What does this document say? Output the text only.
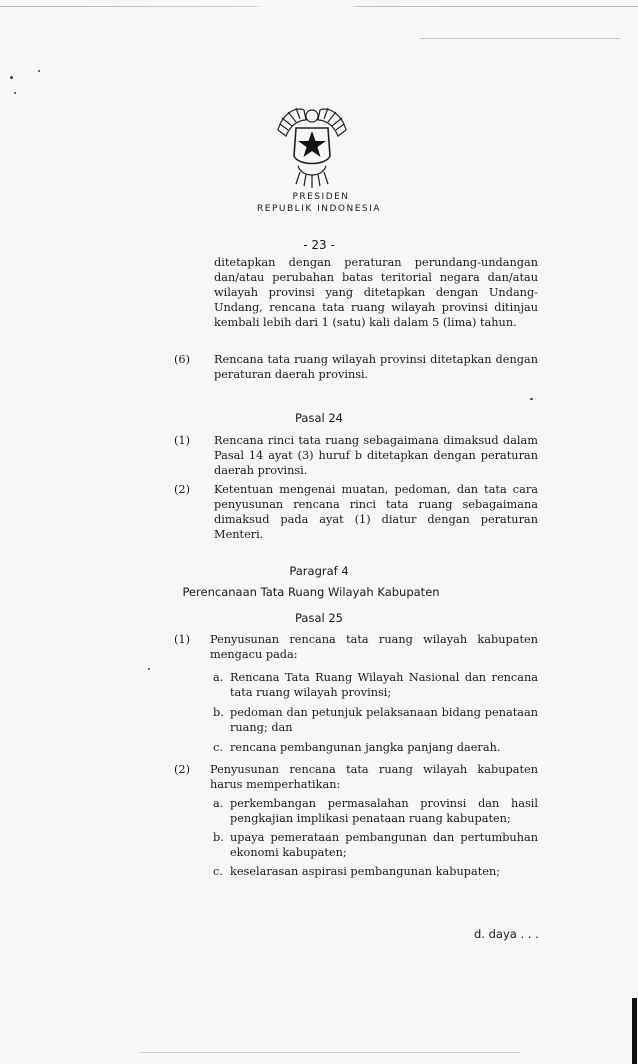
PRESIDEN
REPUBLIK INDONESIA
- 23 -
ditetapkan dengan peraturan perundang-undangan dan/atau perubahan batas teritorial negara dan/atau wilayah provinsi yang ditetapkan dengan Undang-Undang, rencana tata ruang wilayah provinsi ditinjau kembali lebih dari 1 (satu) kali dalam 5 (lima) tahun.
(6) Rencana tata ruang wilayah provinsi ditetapkan dengan peraturan daerah provinsi.
Pasal 24
(1) Rencana rinci tata ruang sebagaimana dimaksud dalam Pasal 14 ayat (3) huruf b ditetapkan dengan peraturan daerah provinsi.
(2) Ketentuan mengenai muatan, pedoman, dan tata cara penyusunan rencana rinci tata ruang sebagaimana dimaksud pada ayat (1) diatur dengan peraturan Menteri.
Paragraf 4
Perencanaan Tata Ruang Wilayah Kabupaten
Pasal 25
(1) Penyusunan rencana tata ruang wilayah kabupaten mengacu pada:
a. Rencana Tata Ruang Wilayah Nasional dan rencana tata ruang wilayah provinsi;
b. pedoman dan petunjuk pelaksanaan bidang penataan ruang; dan
c. rencana pembangunan jangka panjang daerah.
(2) Penyusunan rencana tata ruang wilayah kabupaten harus memperhatikan:
a. perkembangan permasalahan provinsi dan hasil pengkajian implikasi penataan ruang kabupaten;
b. upaya pemerataan pembangunan dan pertumbuhan ekonomi kabupaten;
c. keselarasan aspirasi pembangunan kabupaten;
d. daya . . .
